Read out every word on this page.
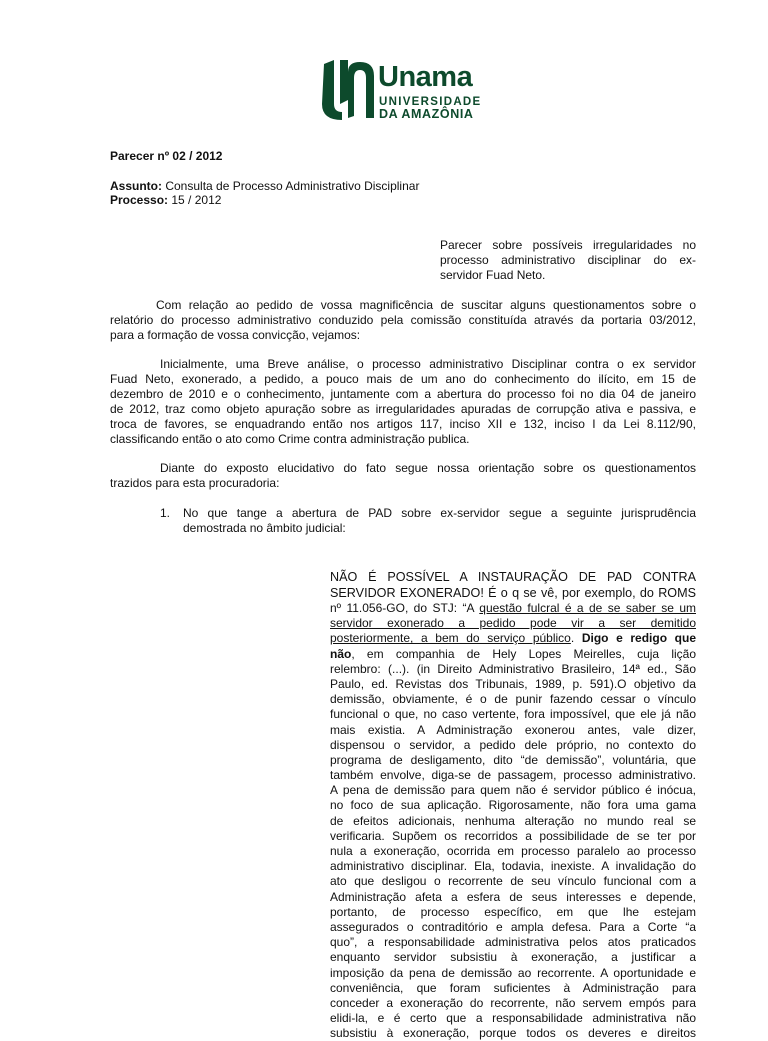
Unama
UNIVERSIDADE
DA AMAZÔNIA
Parecer nº 02 / 2012
Assunto: Consulta de Processo Administrativo Disciplinar
Processo: 15 / 2012
Parecer sobre possíveis irregularidades no
processo administrativo disciplinar do ex-
servidor Fuad Neto.
Com relação ao pedido de vossa magnificência de suscitar alguns questionamentos sobre o
relatório do processo administrativo conduzido pela comissão constituída através da portaria 03/2012,
para a formação de vossa convicção, vejamos:
Inicialmente, uma Breve análise, o processo administrativo Disciplinar contra o ex servidor
Fuad Neto, exonerado, a pedido, a pouco mais de um ano do conhecimento do ilícito, em 15 de
dezembro de 2010 e o conhecimento, juntamente com a abertura do processo foi no dia 04 de janeiro
de 2012, traz como objeto apuração sobre as irregularidades apuradas de corrupção ativa e passiva, e
troca de favores, se enquadrando então nos artigos 117, inciso XII e 132, inciso I da Lei 8.112/90,
classificando então o ato como Crime contra administração publica.
Diante do exposto elucidativo do fato segue nossa orientação sobre os questionamentos
trazidos para esta procuradoria:
1. No que tange a abertura de PAD sobre ex-servidor segue a seguinte jurisprudência
demostrada no âmbito judicial:
NÃO É POSSÍVEL A INSTAURAÇÃO DE PAD CONTRA
SERVIDOR EXONERADO! É o q se vê, por exemplo, do ROMS
nº 11.056-GO, do STJ: “A questão fulcral é a de se saber se um
servidor exonerado a pedido pode vir a ser demitido
posteriormente, a bem do serviço público. Digo e redigo que
não, em companhia de Hely Lopes Meirelles, cuja lição
relembro: (...). (in Direito Administrativo Brasileiro, 14ª ed., São
Paulo, ed. Revistas dos Tribunais, 1989, p. 591).O objetivo da
demissão, obviamente, é o de punir fazendo cessar o vínculo
funcional o que, no caso vertente, fora impossível, que ele já não
mais existia. A Administração exonerou antes, vale dizer,
dispensou o servidor, a pedido dele próprio, no contexto do
programa de desligamento, dito “de demissão”, voluntária, que
também envolve, diga-se de passagem, processo administrativo.
A pena de demissão para quem não é servidor público é inócua,
no foco de sua aplicação. Rigorosamente, não fora uma gama
de efeitos adicionais, nenhuma alteração no mundo real se
verificaria. Supõem os recorridos a possibilidade de se ter por
nula a exoneração, ocorrida em processo paralelo ao processo
administrativo disciplinar. Ela, todavia, inexiste. A invalidação do
ato que desligou o recorrente de seu vínculo funcional com a
Administração afeta a esfera de seus interesses e depende,
portanto, de processo específico, em que lhe estejam
assegurados o contraditório e ampla defesa. Para a Corte “a
quo”, a responsabilidade administrativa pelos atos praticados
enquanto servidor subsistiu à exoneração, a justificar a
imposição da pena de demissão ao recorrente. A oportunidade e
conveniência, que foram suficientes à Administração para
conceder a exoneração do recorrente, não servem empós para
elidi-la, e é certo que a responsabilidade administrativa não
subsistiu à exoneração, porque todos os deveres e direitos
